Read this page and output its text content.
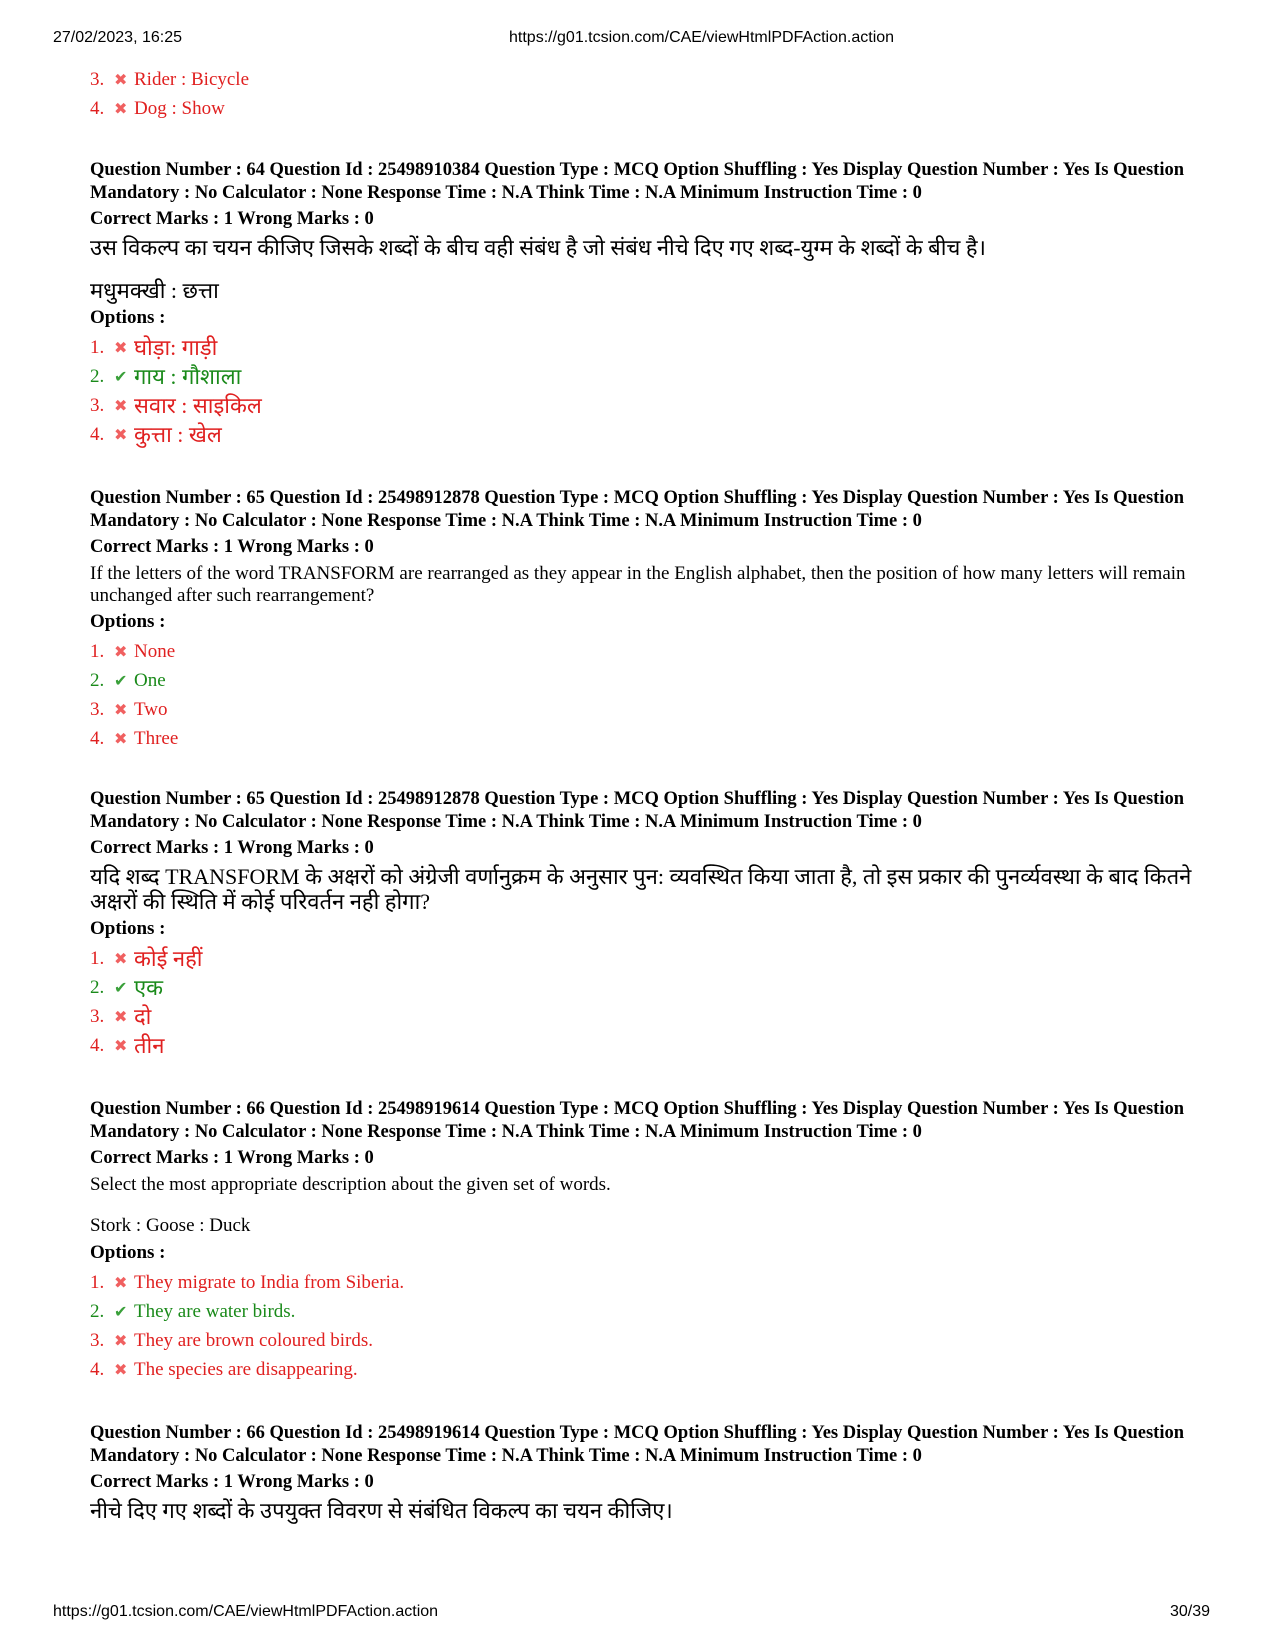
27/02/2023, 16:25	https://g01.tcsion.com/CAE/viewHtmlPDFAction.action
3. ✖ Rider : Bicycle
4. ✖ Dog : Show
Question Number : 64 Question Id : 25498910384 Question Type : MCQ Option Shuffling : Yes Display Question Number : Yes Is Question Mandatory : No Calculator : None Response Time : N.A Think Time : N.A Minimum Instruction Time : 0
Correct Marks : 1 Wrong Marks : 0
उस विकल्प का चयन कीजिए जिसके शब्दों के बीच वही संबंध है जो संबंध नीचे दिए गए शब्द-युग्म के शब्दों के बीच है।
मधुमक्खी : छत्ता
Options :
1. ✖ घोड़ा: गाड़ी
2. ✔ गाय : गौशाला
3. ✖ सवार : साइकिल
4. ✖ कुत्ता : खेल
Question Number : 65 Question Id : 25498912878 Question Type : MCQ Option Shuffling : Yes Display Question Number : Yes Is Question Mandatory : No Calculator : None Response Time : N.A Think Time : N.A Minimum Instruction Time : 0
Correct Marks : 1 Wrong Marks : 0
If the letters of the word TRANSFORM are rearranged as they appear in the English alphabet, then the position of how many letters will remain
unchanged after such rearrangement?
Options :
1. ✖ None
2. ✔ One
3. ✖ Two
4. ✖ Three
Question Number : 65 Question Id : 25498912878 Question Type : MCQ Option Shuffling : Yes Display Question Number : Yes Is Question Mandatory : No Calculator : None Response Time : N.A Think Time : N.A Minimum Instruction Time : 0
Correct Marks : 1 Wrong Marks : 0
यदि शब्द TRANSFORM के अक्षरों को अंग्रेजी वर्णानुक्रम के अनुसार पुन: व्यवस्थित किया जाता है, तो इस प्रकार की पुनर्व्यवस्था के बाद कितने अक्षरों की स्थिति में कोई परिवर्तन नही होगा?
Options :
1. ✖ कोई नहीं
2. ✔ एक
3. ✖ दो
4. ✖ तीन
Question Number : 66 Question Id : 25498919614 Question Type : MCQ Option Shuffling : Yes Display Question Number : Yes Is Question Mandatory : No Calculator : None Response Time : N.A Think Time : N.A Minimum Instruction Time : 0
Correct Marks : 1 Wrong Marks : 0
Select the most appropriate description about the given set of words.
Stork : Goose : Duck
Options :
1. ✖ They migrate to India from Siberia.
2. ✔ They are water birds.
3. ✖ They are brown coloured birds.
4. ✖ The species are disappearing.
Question Number : 66 Question Id : 25498919614 Question Type : MCQ Option Shuffling : Yes Display Question Number : Yes Is Question Mandatory : No Calculator : None Response Time : N.A Think Time : N.A Minimum Instruction Time : 0
Correct Marks : 1 Wrong Marks : 0
नीचे दिए गए शब्दों के उपयुक्त विवरण से संबंधित विकल्प का चयन कीजिए।
https://g01.tcsion.com/CAE/viewHtmlPDFAction.action	30/39
